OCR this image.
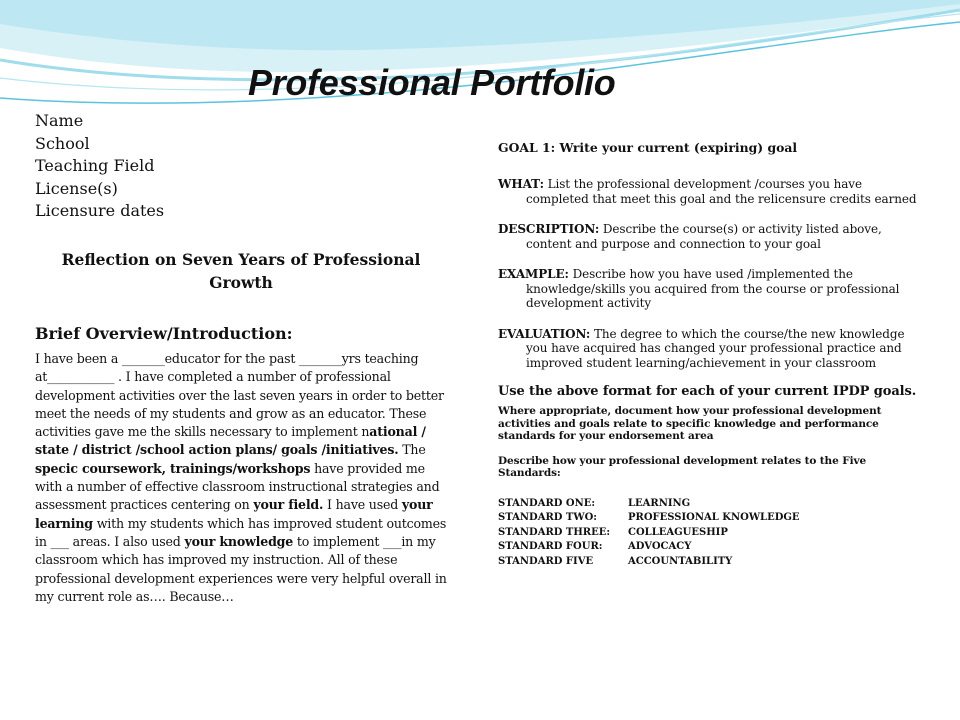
Professional Portfolio
Name
School
Teaching Field
License(s)
Licensure dates
Reflection on Seven Years of Professional Growth
Brief Overview/Introduction:

I have been a _______educator for the past _______yrs teaching at___________ . I have completed a number of professional development activities over the last seven years in order to better meet the needs of my students and grow as an educator. These activities gave me the skills necessary to implement national / state / district /school action plans/ goals /initiatives. The specic coursework, trainings/workshops have provided me with a number of effective classroom instructional strategies and assessment practices centering on your field. I have used your learning with my students which has improved student outcomes in ___ areas. I also used your knowledge to implement ___in my classroom which has improved my instruction. All of these professional development experiences were very helpful overall in my current role as…. Because…

GOAL 1: Write your current (expiring) goal

WHAT: List the professional development /courses you have completed that meet this goal and the relicensure credits earned

DESCRIPTION: Describe the course(s) or activity listed above, content and purpose and connection to your goal

EXAMPLE: Describe how you have used /implemented the knowledge/skills you acquired from the course or professional development activity

EVALUATION: The degree to which the course/the new knowledge you have acquired has changed your professional practice and improved student learning/achievement in your classroom

Use the above format for each of your current IPDP goals.

Where appropriate, document how your professional development activities and goals relate to specific knowledge and performance standards for your endorsement area

Describe how your professional development relates to the Five Standards:

STANDARD ONE:	LEARNING
STANDARD TWO:	PROFESSIONAL KNOWLEDGE
STANDARD THREE:	COLLEAGUESHIP
STANDARD FOUR:	ADVOCACY
STANDARD FIVE	ACCOUNTABILITY
